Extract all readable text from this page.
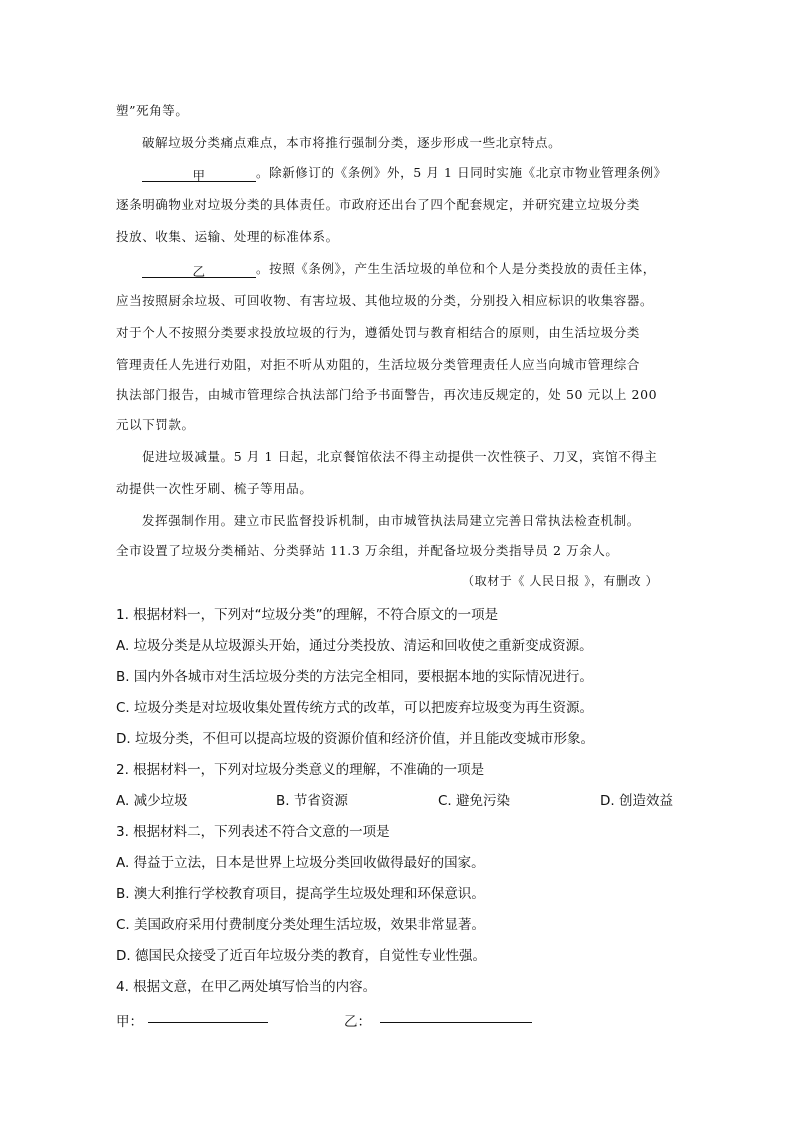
塑”死角等。
破解垃圾分类痛点难点，本市将推行强制分类，逐步形成一些北京特点。
甲	。除新修订的《条例》外，5 月 1 日同时实施《北京市物业管理条例》
逐条明确物业对垃圾分类的具体责任。市政府还出台了四个配套规定，并研究建立垃圾分类
投放、收集、运输、处理的标准体系。
乙	。按照《条例》，产生生活垃圾的单位和个人是分类投放的责任主体，
应当按照厨余垃圾、可回收物、有害垃圾、其他垃圾的分类，分别投入相应标识的收集容器。
对于个人不按照分类要求投放垃圾的行为，遵循处罚与教育相结合的原则，由生活垃圾分类
管理责任人先进行劝阻，对拒不听从劝阻的，生活垃圾分类管理责任人应当向城市管理综合
执法部门报告，由城市管理综合执法部门给予书面警告，再次违反规定的，处 50 元以上 200
元以下罚款。
促进垃圾减量。5 月 1 日起，北京餐馆依法不得主动提供一次性筷子、刀叉，宾馆不得主
动提供一次性牙刷、梳子等用品。
发挥强制作用。建立市民监督投诉机制，由市城管执法局建立完善日常执法检查机制。
全市设置了垃圾分类桶站、分类驿站 11.3 万余组，并配备垃圾分类指导员 2 万余人。
（取材于《 人民日报 》，有删改 ）
1. 根据材料一，下列对“垃圾分类”的理解，不符合原文的一项是
A. 垃圾分类是从垃圾源头开始，通过分类投放、清运和回收使之重新变成资源。
B. 国内外各城市对生活垃圾分类的方法完全相同，要根据本地的实际情况进行。
C. 垃圾分类是对垃圾收集处置传统方式的改革，可以把废弃垃圾变为再生资源。
D. 垃圾分类，不但可以提高垃圾的资源价值和经济价值，并且能改变城市形象。
2. 根据材料一，下列对垃圾分类意义的理解，不准确的一项是
A. 减少垃圾	B. 节省资源	C. 避免污染	D. 创造效益
3. 根据材料二，下列表述不符合文意的一项是
A. 得益于立法，日本是世界上垃圾分类回收做得最好的国家。
B. 澳大利推行学校教育项目，提高学生垃圾处理和环保意识。
C. 美国政府采用付费制度分类处理生活垃圾，效果非常显著。
D. 德国民众接受了近百年垃圾分类的教育，自觉性专业性强。
4. 根据文意，在甲乙两处填写恰当的内容。
甲：	乙：
